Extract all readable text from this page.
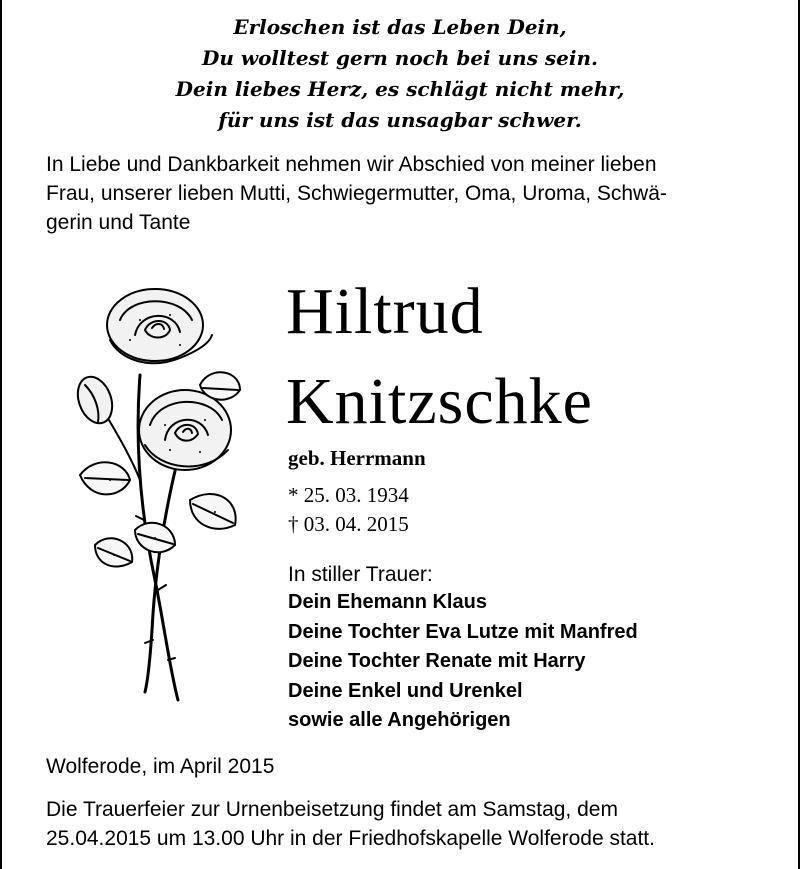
Erloschen ist das Leben Dein,
Du wolltest gern noch bei uns sein.
Dein liebes Herz, es schlägt nicht mehr,
für uns ist das unsagbar schwer.
In Liebe und Dankbarkeit nehmen wir Abschied von meiner lieben
Frau, unserer lieben Mutti, Schwiegermutter, Oma, Uroma, Schwä-
gerin und Tante
Hiltrud
Knitzschke
geb. Herrmann
* 25. 03. 1934
† 03. 04. 2015
In stiller Trauer:
Dein Ehemann Klaus
Deine Tochter Eva Lutze mit Manfred
Deine Tochter Renate mit Harry
Deine Enkel und Urenkel
sowie alle Angehörigen
Wolferode, im April 2015
Die Trauerfeier zur Urnenbeisetzung findet am Samstag, dem
25.04.2015 um 13.00 Uhr in der Friedhofskapelle Wolferode statt.
